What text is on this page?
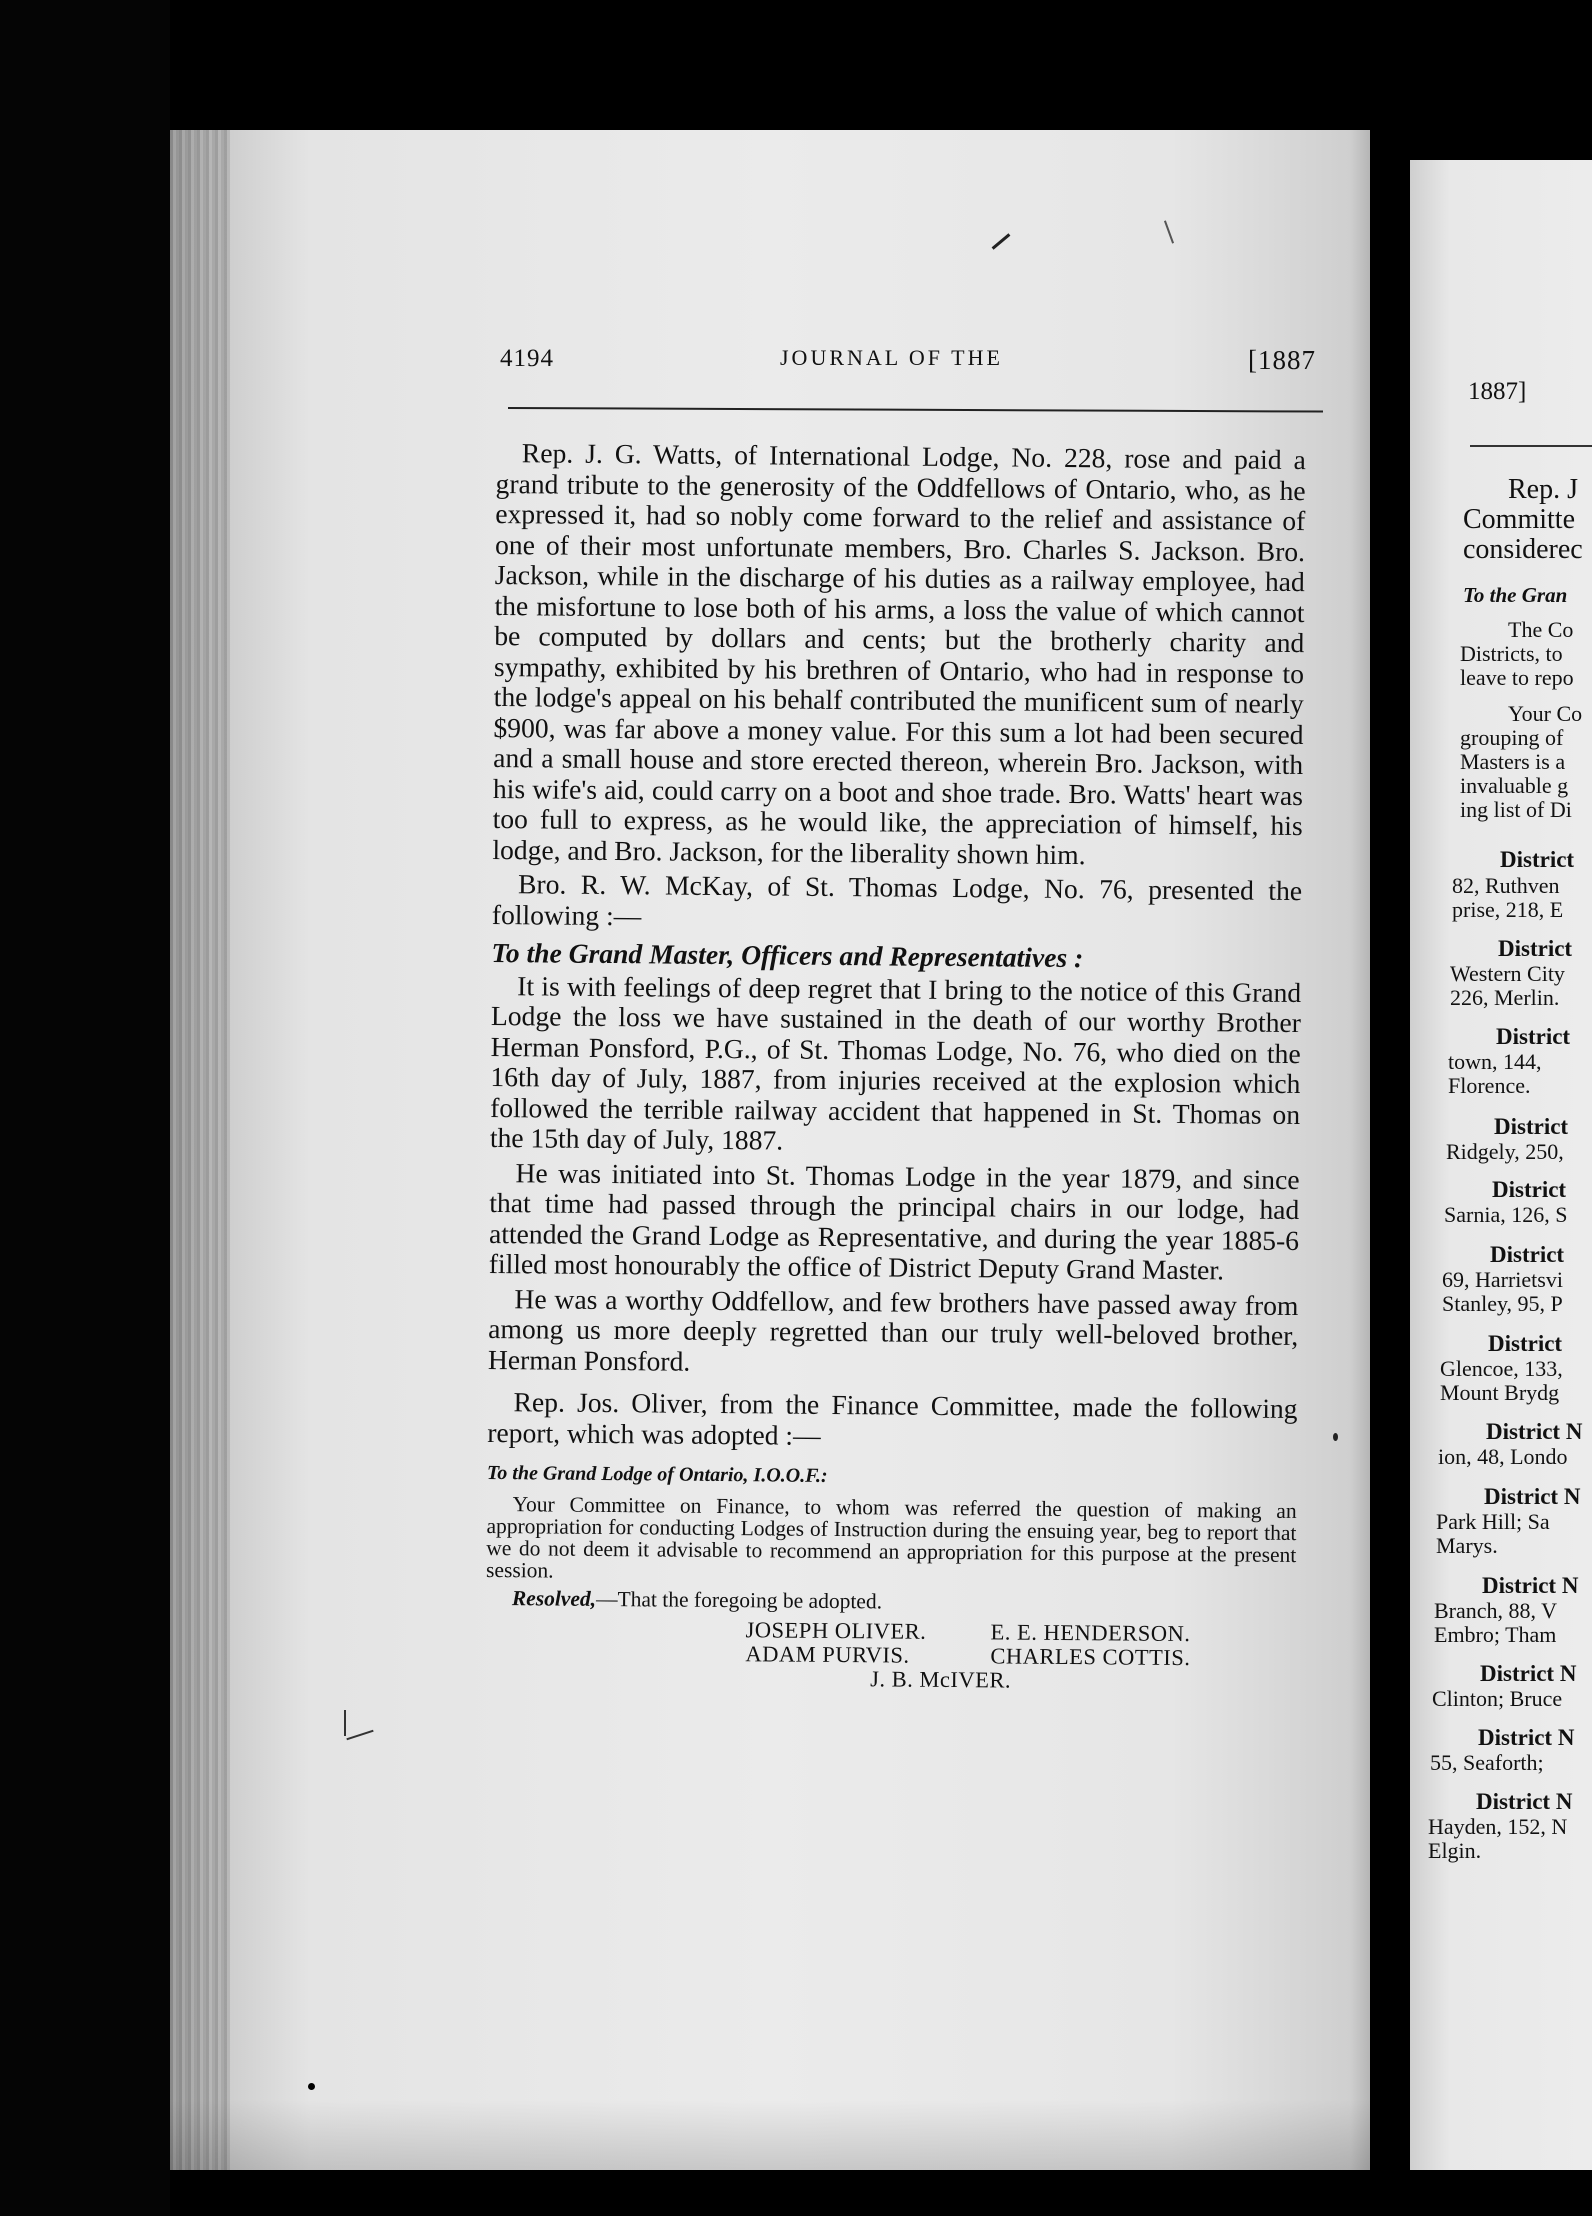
4194	JOURNAL OF THE	[1887

Rep. J. G. Watts, of International Lodge, No. 228, rose and paid a grand tribute to the generosity of the Oddfellows of Ontario, who, as he expressed it, had so nobly come forward to the relief and assistance of one of their most unfortunate members, Bro. Charles S. Jackson. Bro. Jackson, while in the discharge of his duties as a railway employee, had the misfortune to lose both of his arms, a loss the value of which cannot be computed by dollars and cents; but the brotherly charity and sympathy, exhibited by his brethren of Ontario, who had in response to the lodge's appeal on his behalf contributed the munificent sum of nearly $900, was far above a money value. For this sum a lot had been secured and a small house and store erected thereon, wherein Bro. Jackson, with his wife's aid, could carry on a boot and shoe trade. Bro. Watts' heart was too full to express, as he would like, the appreciation of himself, his lodge, and Bro. Jackson, for the liberality shown him.

Bro. R. W. McKay, of St. Thomas Lodge, No. 76, presented the following :—

To the Grand Master, Officers and Representatives :

It is with feelings of deep regret that I bring to the notice of this Grand Lodge the loss we have sustained in the death of our worthy Brother Herman Ponsford, P.G., of St. Thomas Lodge, No. 76, who died on the 16th day of July, 1887, from injuries received at the explosion which followed the terrible railway accident that happened in St. Thomas on the 15th day of July, 1887.

He was initiated into St. Thomas Lodge in the year 1879, and since that time had passed through the principal chairs in our lodge, had attended the Grand Lodge as Representative, and during the year 1885-6 filled most honourably the office of District Deputy Grand Master.

He was a worthy Oddfellow, and few brothers have passed away from among us more deeply regretted than our truly well-beloved brother, Herman Ponsford.

Rep. Jos. Oliver, from the Finance Committee, made the following report, which was adopted :—

To the Grand Lodge of Ontario, I.O.O.F.:

Your Committee on Finance, to whom was referred the question of making an appropriation for conducting Lodges of Instruction during the ensuing year, beg to report that we do not deem it advisable to recommend an appropriation for this purpose at the present session.

Resolved,—That the foregoing be adopted.

JOSEPH OLIVER.	E. E. HENDERSON.
ADAM PURVIS.	CHARLES COTTIS.
J. B. McIVER.
1887]
Rep. J
Committe
considerec
To the Gran
The Co
Districts, to
leave to repo
Your Co
grouping of
Masters is a
invaluable g
ing list of Di
District
82, Ruthven
prise, 218, E
District
Western City
226, Merlin.
District
town, 144,
Florence.
District
Ridgely, 250,
District
Sarnia, 126, S
District
69, Harrietsvi
Stanley, 95, P
District
Glencoe, 133,
Mount Brydg
District N
ion, 48, Londo
District N
Park Hill; Sa
Marys.
District N
Branch, 88, V
Embro; Tham
District N
Clinton; Bruce
District N
55, Seaforth;
District N
Hayden, 152, N
Elgin.
